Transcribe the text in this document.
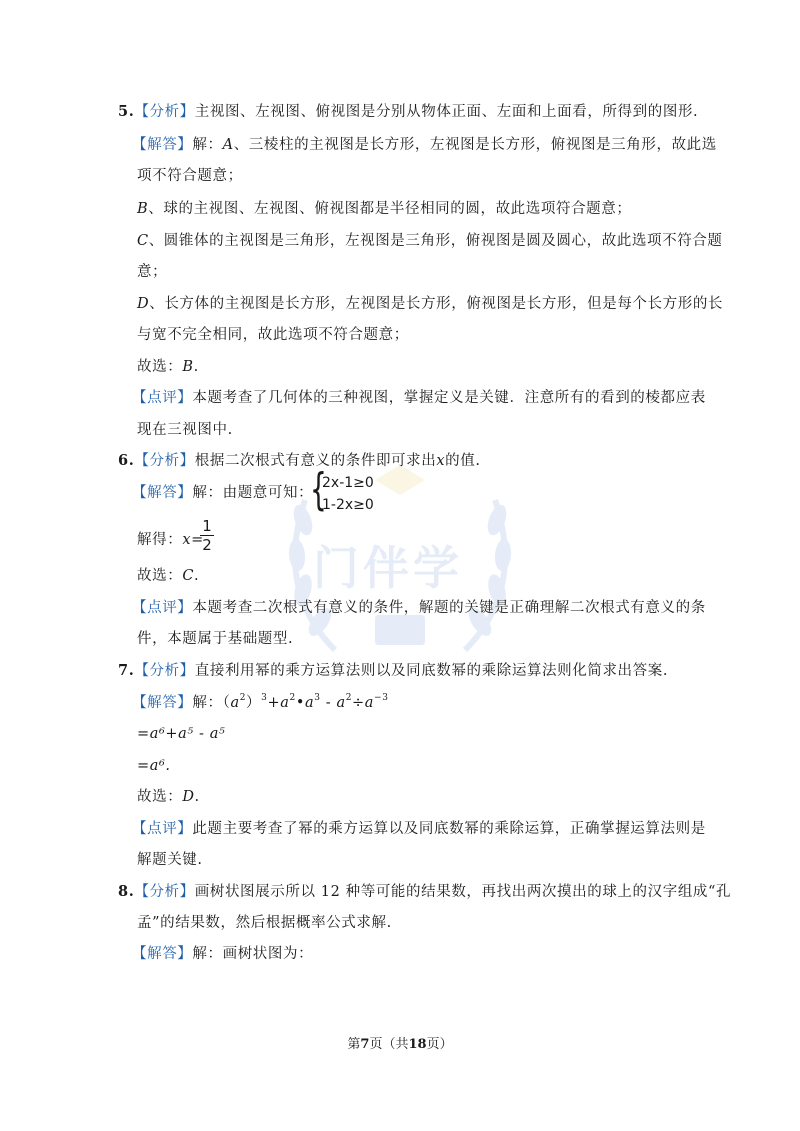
门伴学
5.【分析】主视图、左视图、俯视图是分别从物体正面、左面和上面看，所得到的图形.
【解答】解：A、三棱柱的主视图是长方形，左视图是长方形，俯视图是三角形，故此选
项不符合题意；
B、球的主视图、左视图、俯视图都是半径相同的圆，故此选项符合题意；
C、圆锥体的主视图是三角形，左视图是三角形，俯视图是圆及圆心，故此选项不符合题
意；
D、长方体的主视图是长方形，左视图是长方形，俯视图是长方形，但是每个长方形的长
与宽不完全相同，故此选项不符合题意；
故选：B.
【点评】本题考查了几何体的三种视图，掌握定义是关键．注意所有的看到的棱都应表
现在三视图中.
6.【分析】根据二次根式有意义的条件即可求出x的值.
【解答】解：由题意可知：
{
2x-1≥0
1-2x≥0
解得：x=
1
2
故选：C.
【点评】本题考查二次根式有意义的条件，解题的关键是正确理解二次根式有意义的条
件，本题属于基础题型.
7.【分析】直接利用幂的乘方运算法则以及同底数幂的乘除运算法则化简求出答案.
【解答】解：$(a^2)^3+a^2•a^3 - a^2\div a^{-3}$
=a⁶+a⁵ - a⁵
=a⁶.
故选：D.
【点评】此题主要考查了幂的乘方运算以及同底数幂的乘除运算，正确掌握运算法则是
解题关键.
8.【分析】画树状图展示所以 12 种等可能的结果数，再找出两次摸出的球上的汉字组成“孔
孟”的结果数，然后根据概率公式求解.
【解答】解：画树状图为：
第7页（共18页）
